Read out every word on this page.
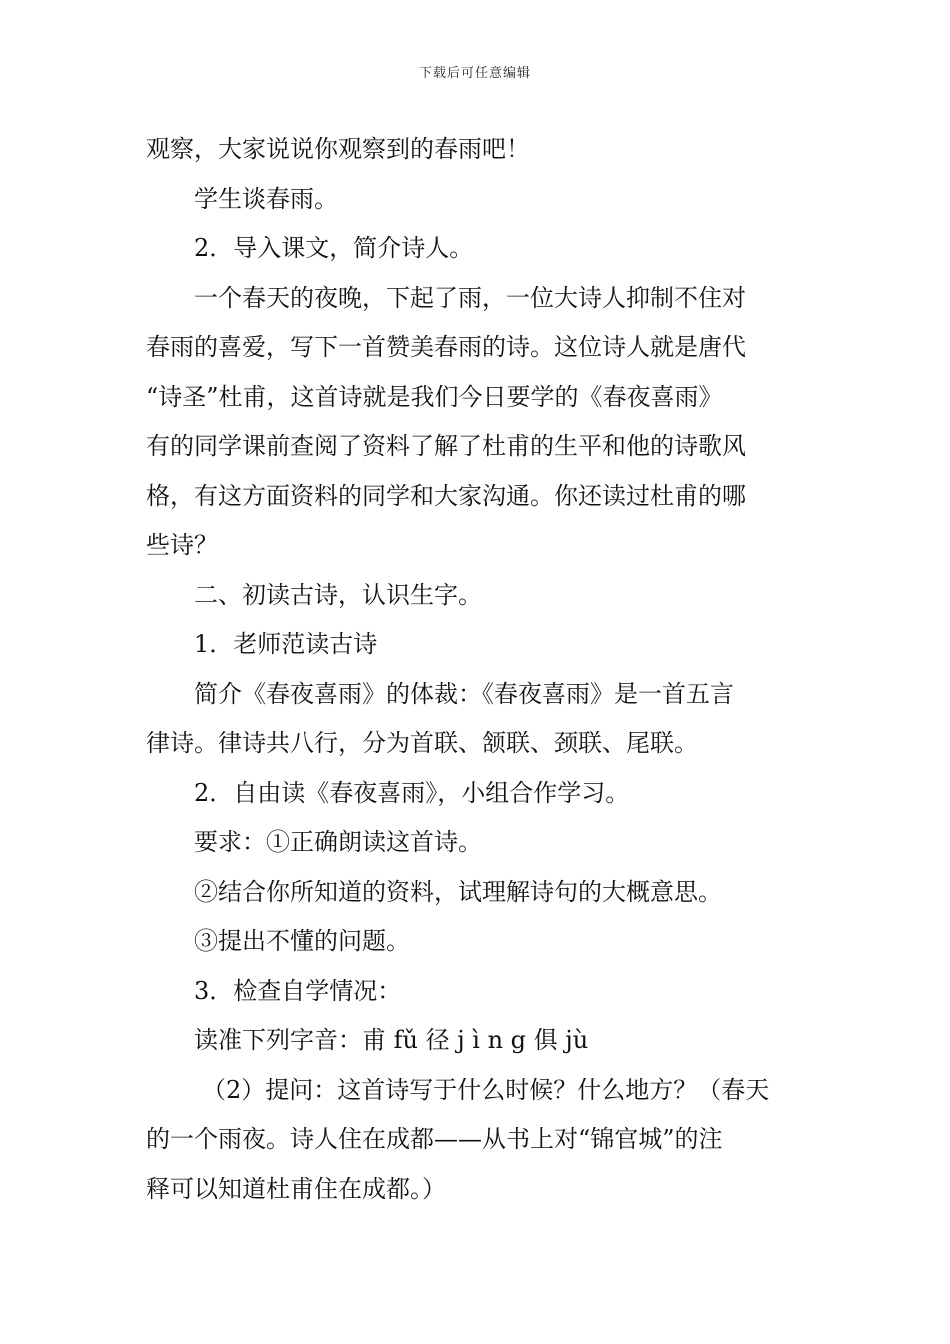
下载后可任意编辑

观察，大家说说你观察到的春雨吧！

学生谈春雨。

2．导入课文，简介诗人。

一个春天的夜晚，下起了雨，一位大诗人抑制不住对

春雨的喜爱，写下一首赞美春雨的诗。这位诗人就是唐代

“诗圣”杜甫，这首诗就是我们今日要学的《春夜喜雨》

有的同学课前查阅了资料了解了杜甫的生平和他的诗歌风

格，有这方面资料的同学和大家沟通。你还读过杜甫的哪

些诗？

二、初读古诗，认识生字。

1．老师范读古诗

简介《春夜喜雨》的体裁：《春夜喜雨》是一首五言

律诗。律诗共八行，分为首联、颔联、颈联、尾联。

2．自由读《春夜喜雨》，小组合作学习。

要求：①正确朗读这首诗。

②结合你所知道的资料，试理解诗句的大概意思。

③提出不懂的问题。

3．检查自学情况：

读准下列字音：甫 fǔ 径 j ì n g 俱 jù

（2）提问：这首诗写于什么时候？什么地方？（春天

的一个雨夜。诗人住在成都——从书上对“锦官城”的注

释可以知道杜甫住在成都。）
